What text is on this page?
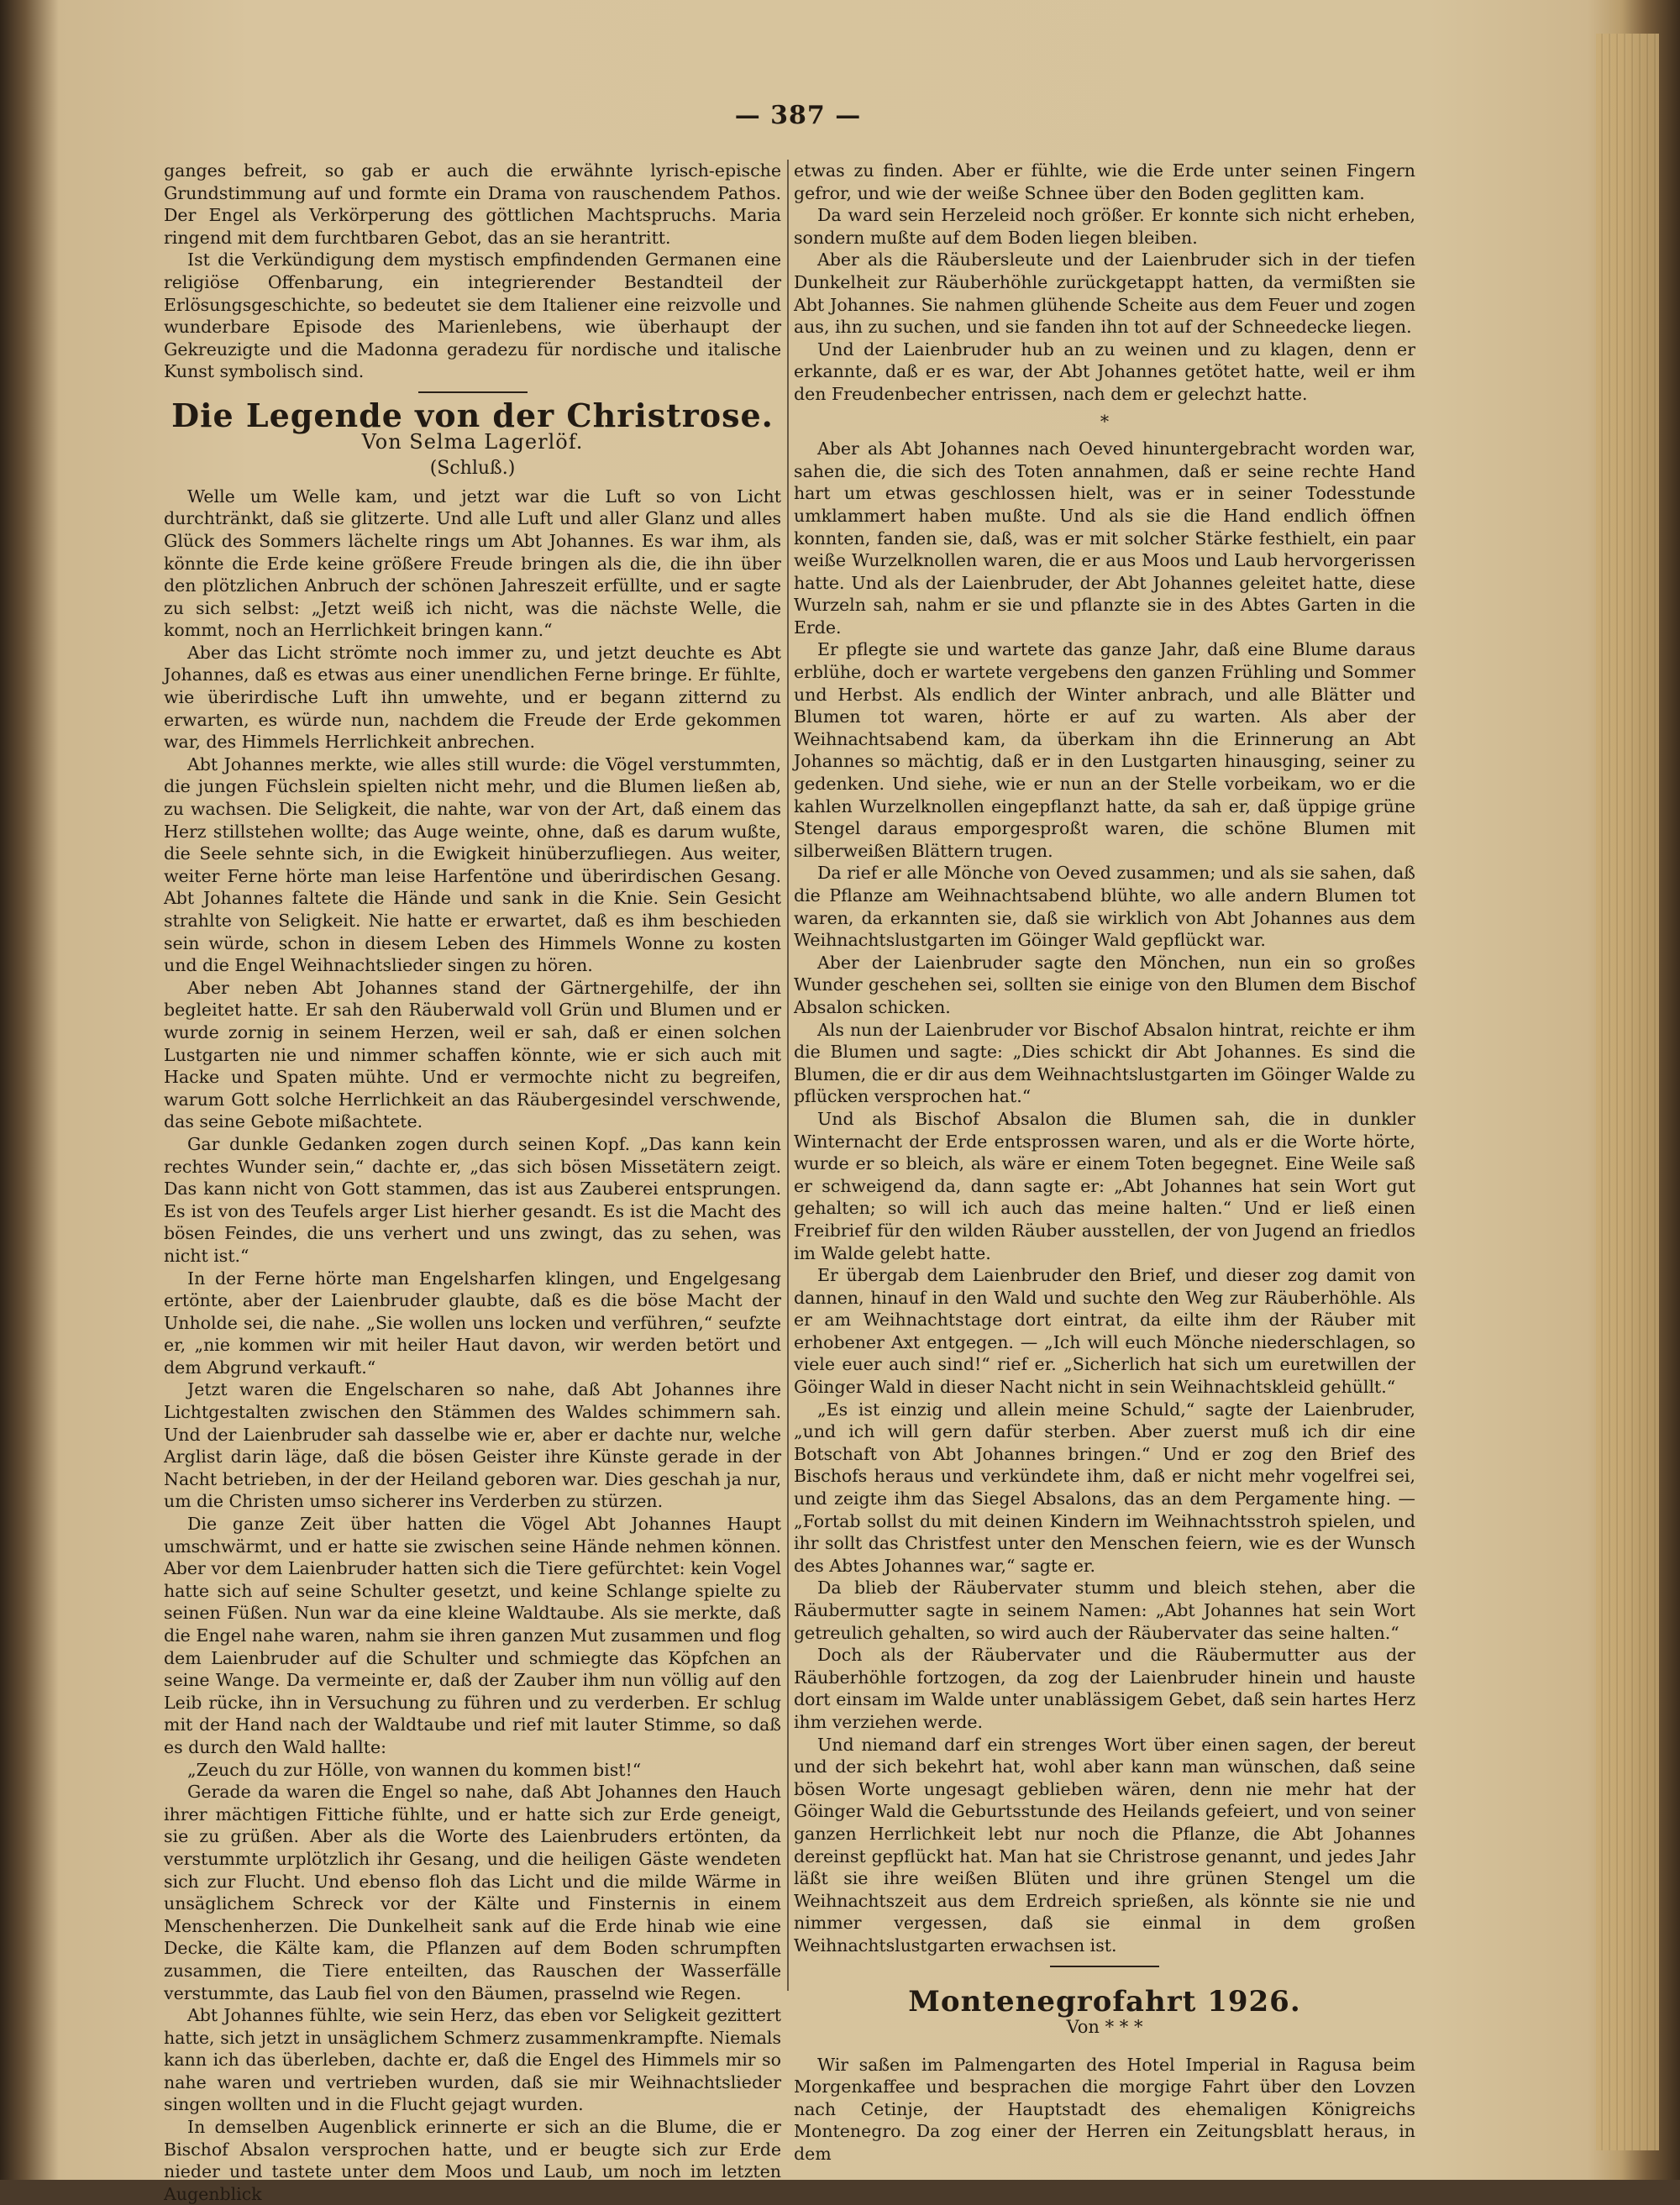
— 387 —

ganges befreit, so gab er auch die erwähnte lyrisch-epische Grundstimmung auf und formte ein Drama von rauschendem Pathos. Der Engel als Verkörperung des göttlichen Machtspruchs. Maria ringend mit dem furchtbaren Gebot, das an sie herantritt.

Ist die Verkündigung dem mystisch empfindenden Germanen eine religiöse Offenbarung, ein integrierender Bestandteil der Erlösungsgeschichte, so bedeutet sie dem Italiener eine reizvolle und wunderbare Episode des Marienlebens, wie überhaupt der Gekreuzigte und die Madonna geradezu für nordische und italische Kunst symbolisch sind.

Die Legende von der Christrose.
Von Selma Lagerlöf.
(Schluß.)

Welle um Welle kam, und jetzt war die Luft so von Licht durchtränkt, daß sie glitzerte. Und alle Luft und aller Glanz und alles Glück des Sommers lächelte rings um Abt Johannes. Es war ihm, als könnte die Erde keine größere Freude bringen als die, die ihn über den plötzlichen Anbruch der schönen Jahreszeit erfüllte, und er sagte zu sich selbst: „Jetzt weiß ich nicht, was die nächste Welle, die kommt, noch an Herrlichkeit bringen kann.“

Aber das Licht strömte noch immer zu, und jetzt deuchte es Abt Johannes, daß es etwas aus einer unendlichen Ferne bringe. Er fühlte, wie überirdische Luft ihn umwehte, und er begann zitternd zu erwarten, es würde nun, nachdem die Freude der Erde gekommen war, des Himmels Herrlichkeit anbrechen.

Abt Johannes merkte, wie alles still wurde: die Vögel verstummten, die jungen Füchslein spielten nicht mehr, und die Blumen ließen ab, zu wachsen. Die Seligkeit, die nahte, war von der Art, daß einem das Herz stillstehen wollte; das Auge weinte, ohne, daß es darum wußte, die Seele sehnte sich, in die Ewigkeit hinüberzufliegen. Aus weiter, weiter Ferne hörte man leise Harfentöne und überirdischen Gesang. Abt Johannes faltete die Hände und sank in die Knie. Sein Gesicht strahlte von Seligkeit. Nie hatte er erwartet, daß es ihm beschieden sein würde, schon in diesem Leben des Himmels Wonne zu kosten und die Engel Weihnachtslieder singen zu hören.

Aber neben Abt Johannes stand der Gärtnergehilfe, der ihn begleitet hatte. Er sah den Räuberwald voll Grün und Blumen und er wurde zornig in seinem Herzen, weil er sah, daß er einen solchen Lustgarten nie und nimmer schaffen könnte, wie er sich auch mit Hacke und Spaten mühte. Und er vermochte nicht zu begreifen, warum Gott solche Herrlichkeit an das Räubergesindel verschwende, das seine Gebote mißachtete.

Gar dunkle Gedanken zogen durch seinen Kopf. „Das kann kein rechtes Wunder sein,“ dachte er, „das sich bösen Missetätern zeigt. Das kann nicht von Gott stammen, das ist aus Zauberei entsprungen. Es ist von des Teufels arger List hierher gesandt. Es ist die Macht des bösen Feindes, die uns verhert und uns zwingt, das zu sehen, was nicht ist.“

In der Ferne hörte man Engelsharfen klingen, und Engelgesang ertönte, aber der Laienbruder glaubte, daß es die böse Macht der Unholde sei, die nahe. „Sie wollen uns locken und verführen,“ seufzte er, „nie kommen wir mit heiler Haut davon, wir werden betört und dem Abgrund verkauft.“

Jetzt waren die Engelscharen so nahe, daß Abt Johannes ihre Lichtgestalten zwischen den Stämmen des Waldes schimmern sah. Und der Laienbruder sah dasselbe wie er, aber er dachte nur, welche Arglist darin läge, daß die bösen Geister ihre Künste gerade in der Nacht betrieben, in der der Heiland geboren war. Dies geschah ja nur, um die Christen umso sicherer ins Verderben zu stürzen.

Die ganze Zeit über hatten die Vögel Abt Johannes Haupt umschwärmt, und er hatte sie zwischen seine Hände nehmen können. Aber vor dem Laienbruder hatten sich die Tiere gefürchtet: kein Vogel hatte sich auf seine Schulter gesetzt, und keine Schlange spielte zu seinen Füßen. Nun war da eine kleine Waldtaube. Als sie merkte, daß die Engel nahe waren, nahm sie ihren ganzen Mut zusammen und flog dem Laienbruder auf die Schulter und schmiegte das Köpfchen an seine Wange. Da vermeinte er, daß der Zauber ihm nun völlig auf den Leib rücke, ihn in Versuchung zu führen und zu verderben. Er schlug mit der Hand nach der Waldtaube und rief mit lauter Stimme, so daß es durch den Wald hallte:

„Zeuch du zur Hölle, von wannen du kommen bist!“

Gerade da waren die Engel so nahe, daß Abt Johannes den Hauch ihrer mächtigen Fittiche fühlte, und er hatte sich zur Erde geneigt, sie zu grüßen. Aber als die Worte des Laienbruders ertönten, da verstummte urplötzlich ihr Gesang, und die heiligen Gäste wendeten sich zur Flucht. Und ebenso floh das Licht und die milde Wärme in unsäglichem Schreck vor der Kälte und Finsternis in einem Menschenherzen. Die Dunkelheit sank auf die Erde hinab wie eine Decke, die Kälte kam, die Pflanzen auf dem Boden schrumpften zusammen, die Tiere enteilten, das Rauschen der Wasserfälle verstummte, das Laub fiel von den Bäumen, prasselnd wie Regen.

Abt Johannes fühlte, wie sein Herz, das eben vor Seligkeit gezittert hatte, sich jetzt in unsäglichem Schmerz zusammenkrampfte. Niemals kann ich das überleben, dachte er, daß die Engel des Himmels mir so nahe waren und vertrieben wurden, daß sie mir Weihnachtslieder singen wollten und in die Flucht gejagt wurden.

In demselben Augenblick erinnerte er sich an die Blume, die er Bischof Absalon versprochen hatte, und er beugte sich zur Erde nieder und tastete unter dem Moos und Laub, um noch im letzten Augenblick

etwas zu finden. Aber er fühlte, wie die Erde unter seinen Fingern gefror, und wie der weiße Schnee über den Boden geglitten kam.

Da ward sein Herzeleid noch größer. Er konnte sich nicht erheben, sondern mußte auf dem Boden liegen bleiben.

Aber als die Räubersleute und der Laienbruder sich in der tiefen Dunkelheit zur Räuberhöhle zurückgetappt hatten, da vermißten sie Abt Johannes. Sie nahmen glühende Scheite aus dem Feuer und zogen aus, ihn zu suchen, und sie fanden ihn tot auf der Schneedecke liegen.

Und der Laienbruder hub an zu weinen und zu klagen, denn er erkannte, daß er es war, der Abt Johannes getötet hatte, weil er ihm den Freudenbecher entrissen, nach dem er gelechzt hatte.

*

Aber als Abt Johannes nach Oeved hinuntergebracht worden war, sahen die, die sich des Toten annahmen, daß er seine rechte Hand hart um etwas geschlossen hielt, was er in seiner Todesstunde umklammert haben mußte. Und als sie die Hand endlich öffnen konnten, fanden sie, daß, was er mit solcher Stärke festhielt, ein paar weiße Wurzelknollen waren, die er aus Moos und Laub hervorgerissen hatte. Und als der Laienbruder, der Abt Johannes geleitet hatte, diese Wurzeln sah, nahm er sie und pflanzte sie in des Abtes Garten in die Erde.

Er pflegte sie und wartete das ganze Jahr, daß eine Blume daraus erblühe, doch er wartete vergebens den ganzen Frühling und Sommer und Herbst. Als endlich der Winter anbrach, und alle Blätter und Blumen tot waren, hörte er auf zu warten. Als aber der Weihnachtsabend kam, da überkam ihn die Erinnerung an Abt Johannes so mächtig, daß er in den Lustgarten hinausging, seiner zu gedenken. Und siehe, wie er nun an der Stelle vorbeikam, wo er die kahlen Wurzelknollen eingepflanzt hatte, da sah er, daß üppige grüne Stengel daraus emporgesproßt waren, die schöne Blumen mit silberweißen Blättern trugen.

Da rief er alle Mönche von Oeved zusammen; und als sie sahen, daß die Pflanze am Weihnachtsabend blühte, wo alle andern Blumen tot waren, da erkannten sie, daß sie wirklich von Abt Johannes aus dem Weihnachtslustgarten im Göinger Wald gepflückt war.

Aber der Laienbruder sagte den Mönchen, nun ein so großes Wunder geschehen sei, sollten sie einige von den Blumen dem Bischof Absalon schicken.

Als nun der Laienbruder vor Bischof Absalon hintrat, reichte er ihm die Blumen und sagte: „Dies schickt dir Abt Johannes. Es sind die Blumen, die er dir aus dem Weihnachtslustgarten im Göinger Walde zu pflücken versprochen hat.“

Und als Bischof Absalon die Blumen sah, die in dunkler Winternacht der Erde entsprossen waren, und als er die Worte hörte, wurde er so bleich, als wäre er einem Toten begegnet. Eine Weile saß er schweigend da, dann sagte er: „Abt Johannes hat sein Wort gut gehalten; so will ich auch das meine halten.“ Und er ließ einen Freibrief für den wilden Räuber ausstellen, der von Jugend an friedlos im Walde gelebt hatte.

Er übergab dem Laienbruder den Brief, und dieser zog damit von dannen, hinauf in den Wald und suchte den Weg zur Räuberhöhle. Als er am Weihnachtstage dort eintrat, da eilte ihm der Räuber mit erhobener Axt entgegen. — „Ich will euch Mönche niederschlagen, so viele euer auch sind!“ rief er. „Sicherlich hat sich um euretwillen der Göinger Wald in dieser Nacht nicht in sein Weihnachtskleid gehüllt.“

„Es ist einzig und allein meine Schuld,“ sagte der Laienbruder, „und ich will gern dafür sterben. Aber zuerst muß ich dir eine Botschaft von Abt Johannes bringen.“ Und er zog den Brief des Bischofs heraus und verkündete ihm, daß er nicht mehr vogelfrei sei, und zeigte ihm das Siegel Absalons, das an dem Pergamente hing. — „Fortab sollst du mit deinen Kindern im Weihnachtsstroh spielen, und ihr sollt das Christfest unter den Menschen feiern, wie es der Wunsch des Abtes Johannes war,“ sagte er.

Da blieb der Räubervater stumm und bleich stehen, aber die Räubermutter sagte in seinem Namen: „Abt Johannes hat sein Wort getreulich gehalten, so wird auch der Räubervater das seine halten.“

Doch als der Räubervater und die Räubermutter aus der Räuberhöhle fortzogen, da zog der Laienbruder hinein und hauste dort einsam im Walde unter unablässigem Gebet, daß sein hartes Herz ihm verziehen werde.

Und niemand darf ein strenges Wort über einen sagen, der bereut und der sich bekehrt hat, wohl aber kann man wünschen, daß seine bösen Worte ungesagt geblieben wären, denn nie mehr hat der Göinger Wald die Geburtsstunde des Heilands gefeiert, und von seiner ganzen Herrlichkeit lebt nur noch die Pflanze, die Abt Johannes dereinst gepflückt hat. Man hat sie Christrose genannt, und jedes Jahr läßt sie ihre weißen Blüten und ihre grünen Stengel um die Weihnachtszeit aus dem Erdreich sprießen, als könnte sie nie und nimmer vergessen, daß sie einmal in dem großen Weihnachtslustgarten erwachsen ist.

Montenegrofahrt 1926.
Von * * *

Wir saßen im Palmengarten des Hotel Imperial in Ragusa beim Morgenkaffee und besprachen die morgige Fahrt über den Lovzen nach Cetinje, der Hauptstadt des ehemaligen Königreichs Montenegro. Da zog einer der Herren ein Zeitungsblatt heraus, in dem
